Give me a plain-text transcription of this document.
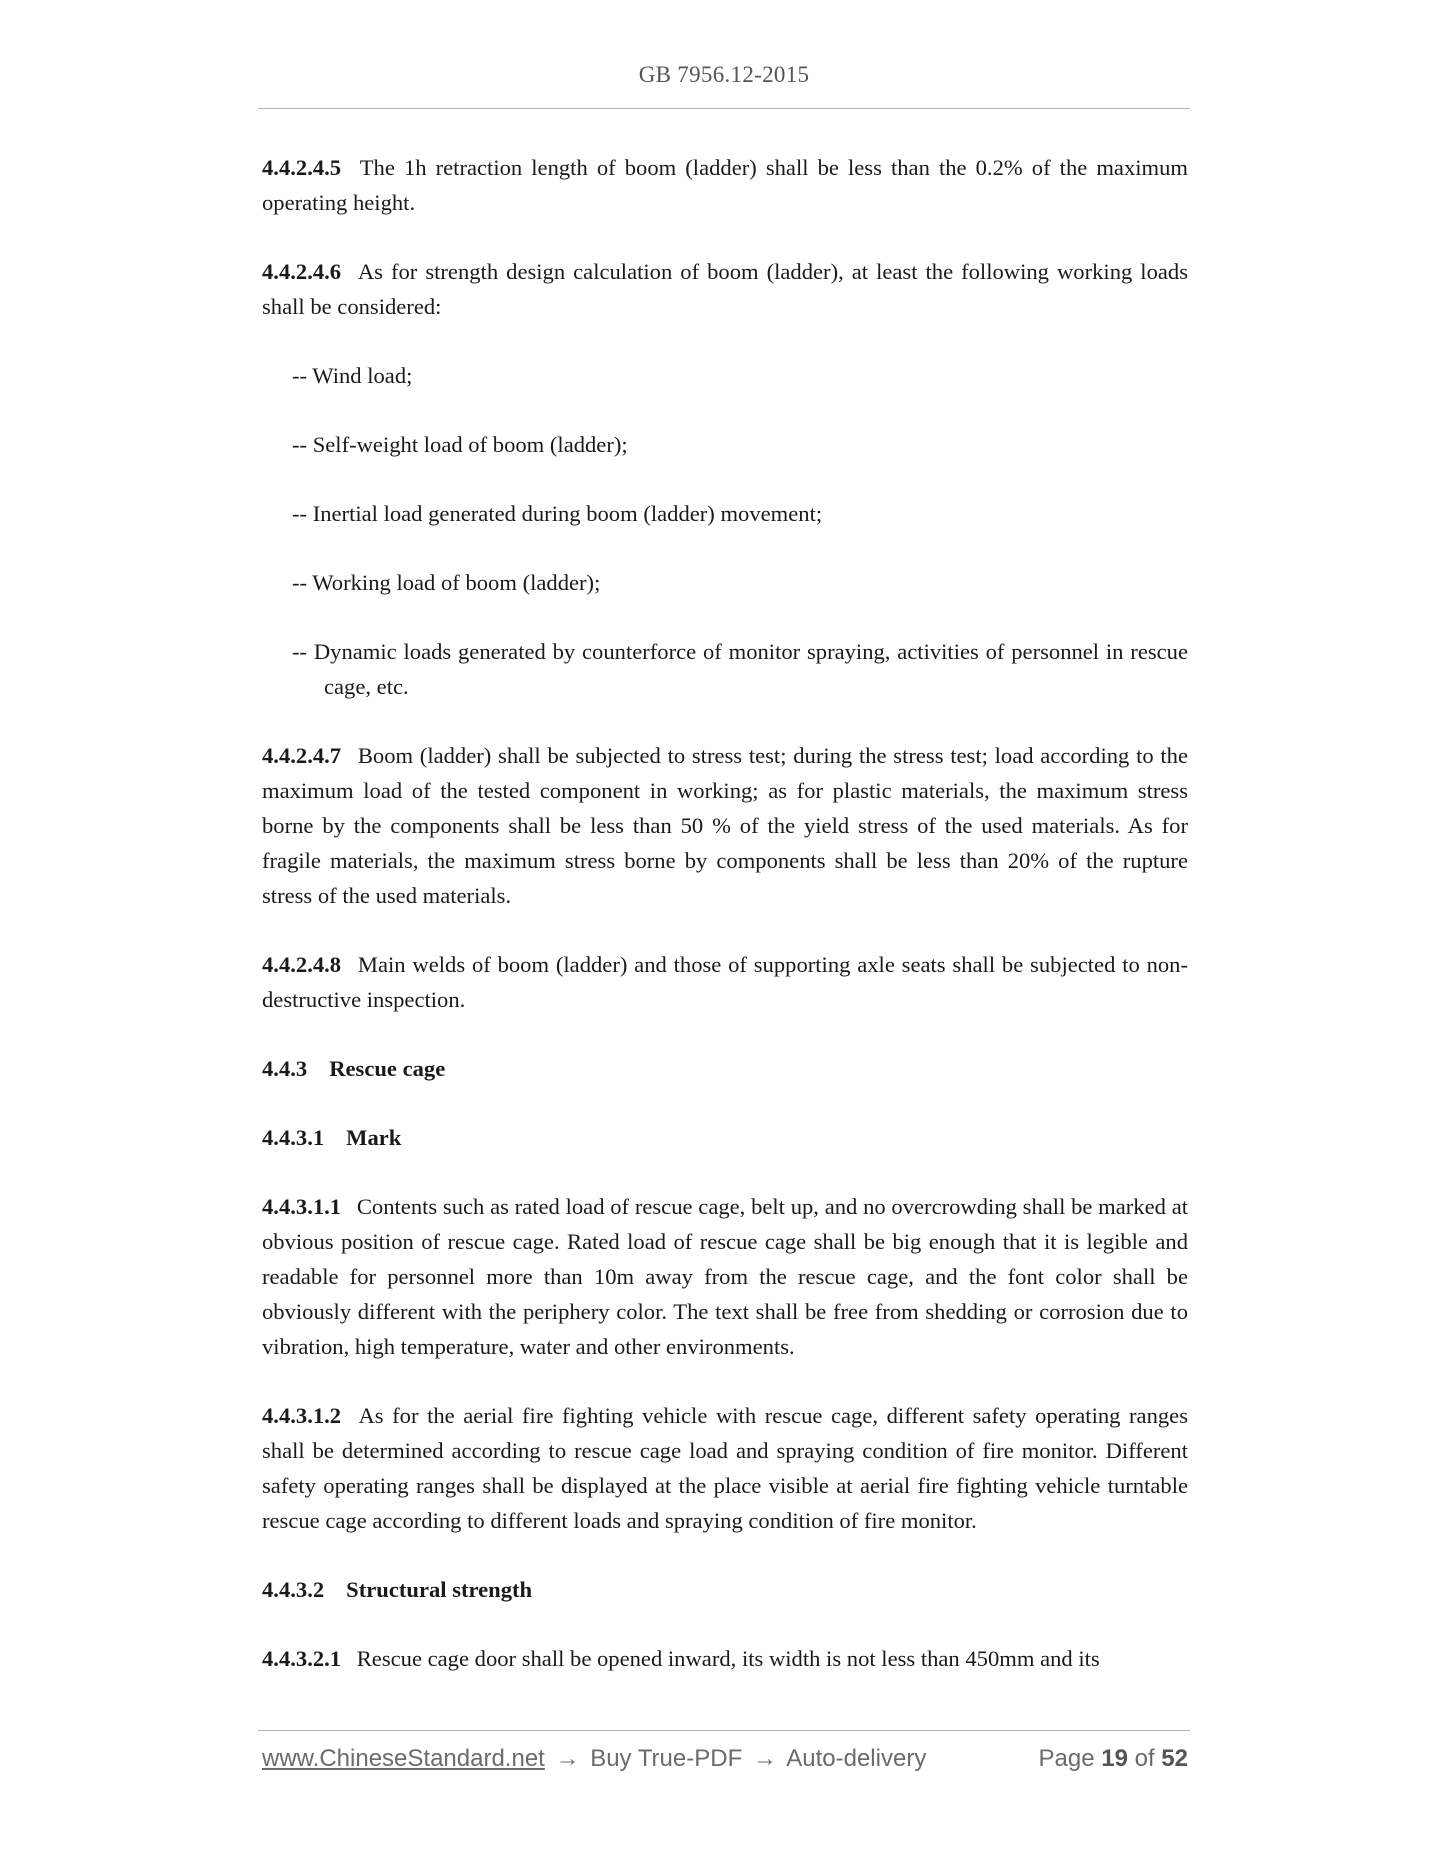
GB 7956.12-2015

4.4.2.4.5 The 1h retraction length of boom (ladder) shall be less than the 0.2% of the maximum operating height.

4.4.2.4.6 As for strength design calculation of boom (ladder), at least the following working loads shall be considered:

-- Wind load;

-- Self-weight load of boom (ladder);

-- Inertial load generated during boom (ladder) movement;

-- Working load of boom (ladder);

-- Dynamic loads generated by counterforce of monitor spraying, activities of personnel in rescue cage, etc.

4.4.2.4.7 Boom (ladder) shall be subjected to stress test; during the stress test; load according to the maximum load of the tested component in working; as for plastic materials, the maximum stress borne by the components shall be less than 50 % of the yield stress of the used materials. As for fragile materials, the maximum stress borne by components shall be less than 20% of the rupture stress of the used materials.

4.4.2.4.8 Main welds of boom (ladder) and those of supporting axle seats shall be subjected to non-destructive inspection.

4.4.3 Rescue cage

4.4.3.1 Mark

4.4.3.1.1 Contents such as rated load of rescue cage, belt up, and no overcrowding shall be marked at obvious position of rescue cage. Rated load of rescue cage shall be big enough that it is legible and readable for personnel more than 10m away from the rescue cage, and the font color shall be obviously different with the periphery color. The text shall be free from shedding or corrosion due to vibration, high temperature, water and other environments.

4.4.3.1.2 As for the aerial fire fighting vehicle with rescue cage, different safety operating ranges shall be determined according to rescue cage load and spraying condition of fire monitor. Different safety operating ranges shall be displayed at the place visible at aerial fire fighting vehicle turntable rescue cage according to different loads and spraying condition of fire monitor.

4.4.3.2 Structural strength

4.4.3.2.1 Rescue cage door shall be opened inward, its width is not less than 450mm and its

www.ChineseStandard.net → Buy True-PDF → Auto-delivery	Page 19 of 52
